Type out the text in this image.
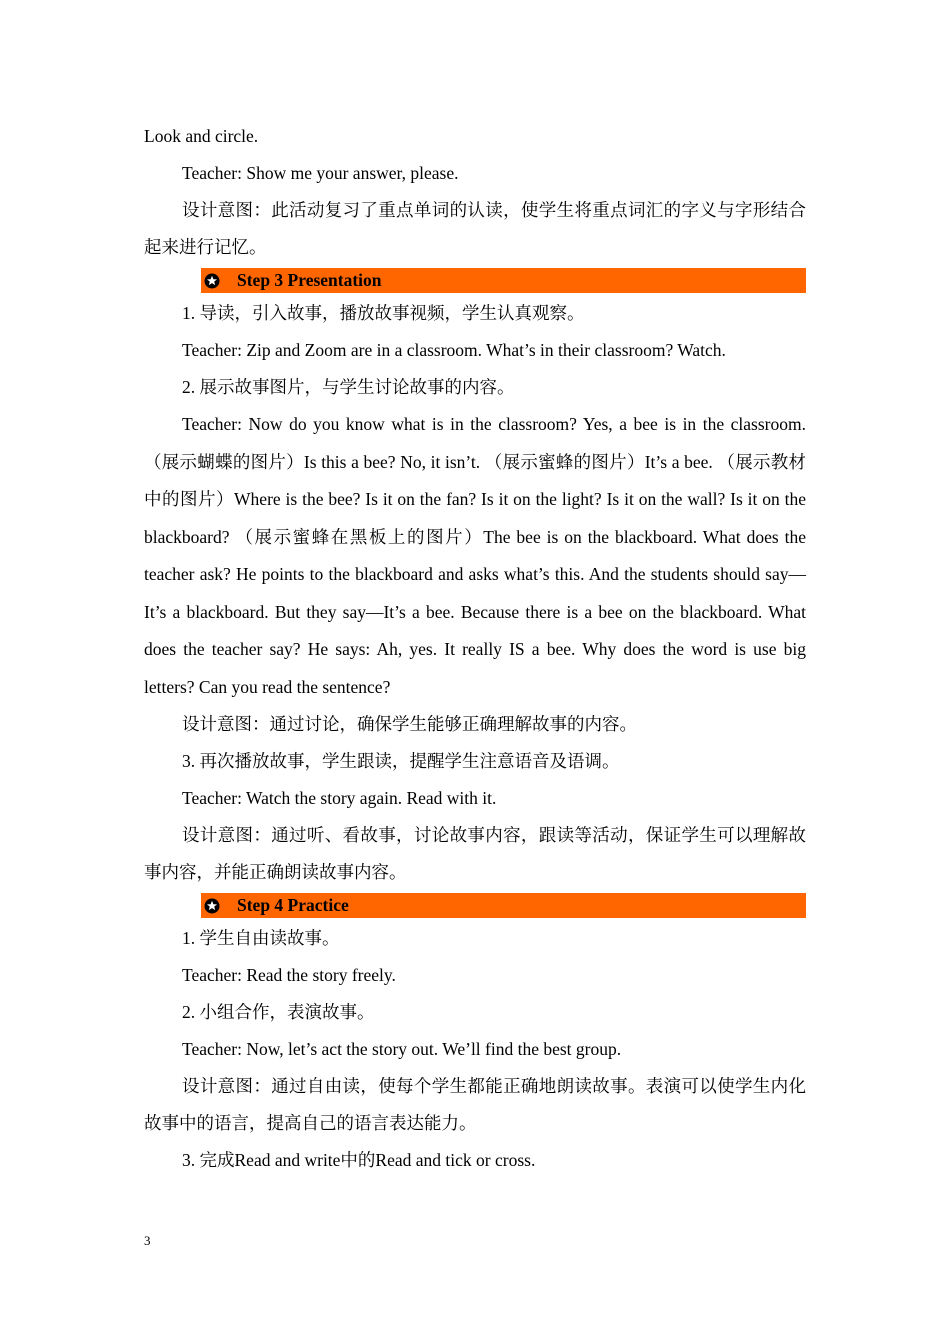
Look and circle.

Teacher: Show me your answer, please.

设计意图：此活动复习了重点单词的认读，使学生将重点词汇的字义与字形结合起来进行记忆。

Step 3 Presentation

1. 导读，引入故事，播放故事视频，学生认真观察。

Teacher: Zip and Zoom are in a classroom. What’s in their classroom? Watch.

2. 展示故事图片，与学生讨论故事的内容。

Teacher: Now do you know what is in the classroom? Yes, a bee is in the classroom. （展示蝴蝶的图片）Is this a bee? No, it isn’t. （展示蜜蜂的图片）It’s a bee. （展示教材中的图片）Where is the bee? Is it on the fan? Is it on the light? Is it on the wall? Is it on the blackboard? （展示蜜蜂在黑板上的图片）The bee is on the blackboard. What does the teacher ask? He points to the blackboard and asks what’s this. And the students should say—It’s a blackboard. But they say—It’s a bee. Because there is a bee on the blackboard. What does the teacher say? He says: Ah, yes. It really IS a bee. Why does the word is use big letters? Can you read the sentence?

设计意图：通过讨论，确保学生能够正确理解故事的内容。

3. 再次播放故事，学生跟读，提醒学生注意语音及语调。

Teacher: Watch the story again. Read with it.

设计意图：通过听、看故事，讨论故事内容，跟读等活动，保证学生可以理解故事内容，并能正确朗读故事内容。

Step 4 Practice

1. 学生自由读故事。

Teacher: Read the story freely.

2. 小组合作，表演故事。

Teacher: Now, let’s act the story out. We’ll find the best group.

设计意图：通过自由读，使每个学生都能正确地朗读故事。表演可以使学生内化故事中的语言，提高自己的语言表达能力。

3. 完成Read and write中的Read and tick or cross.

3
